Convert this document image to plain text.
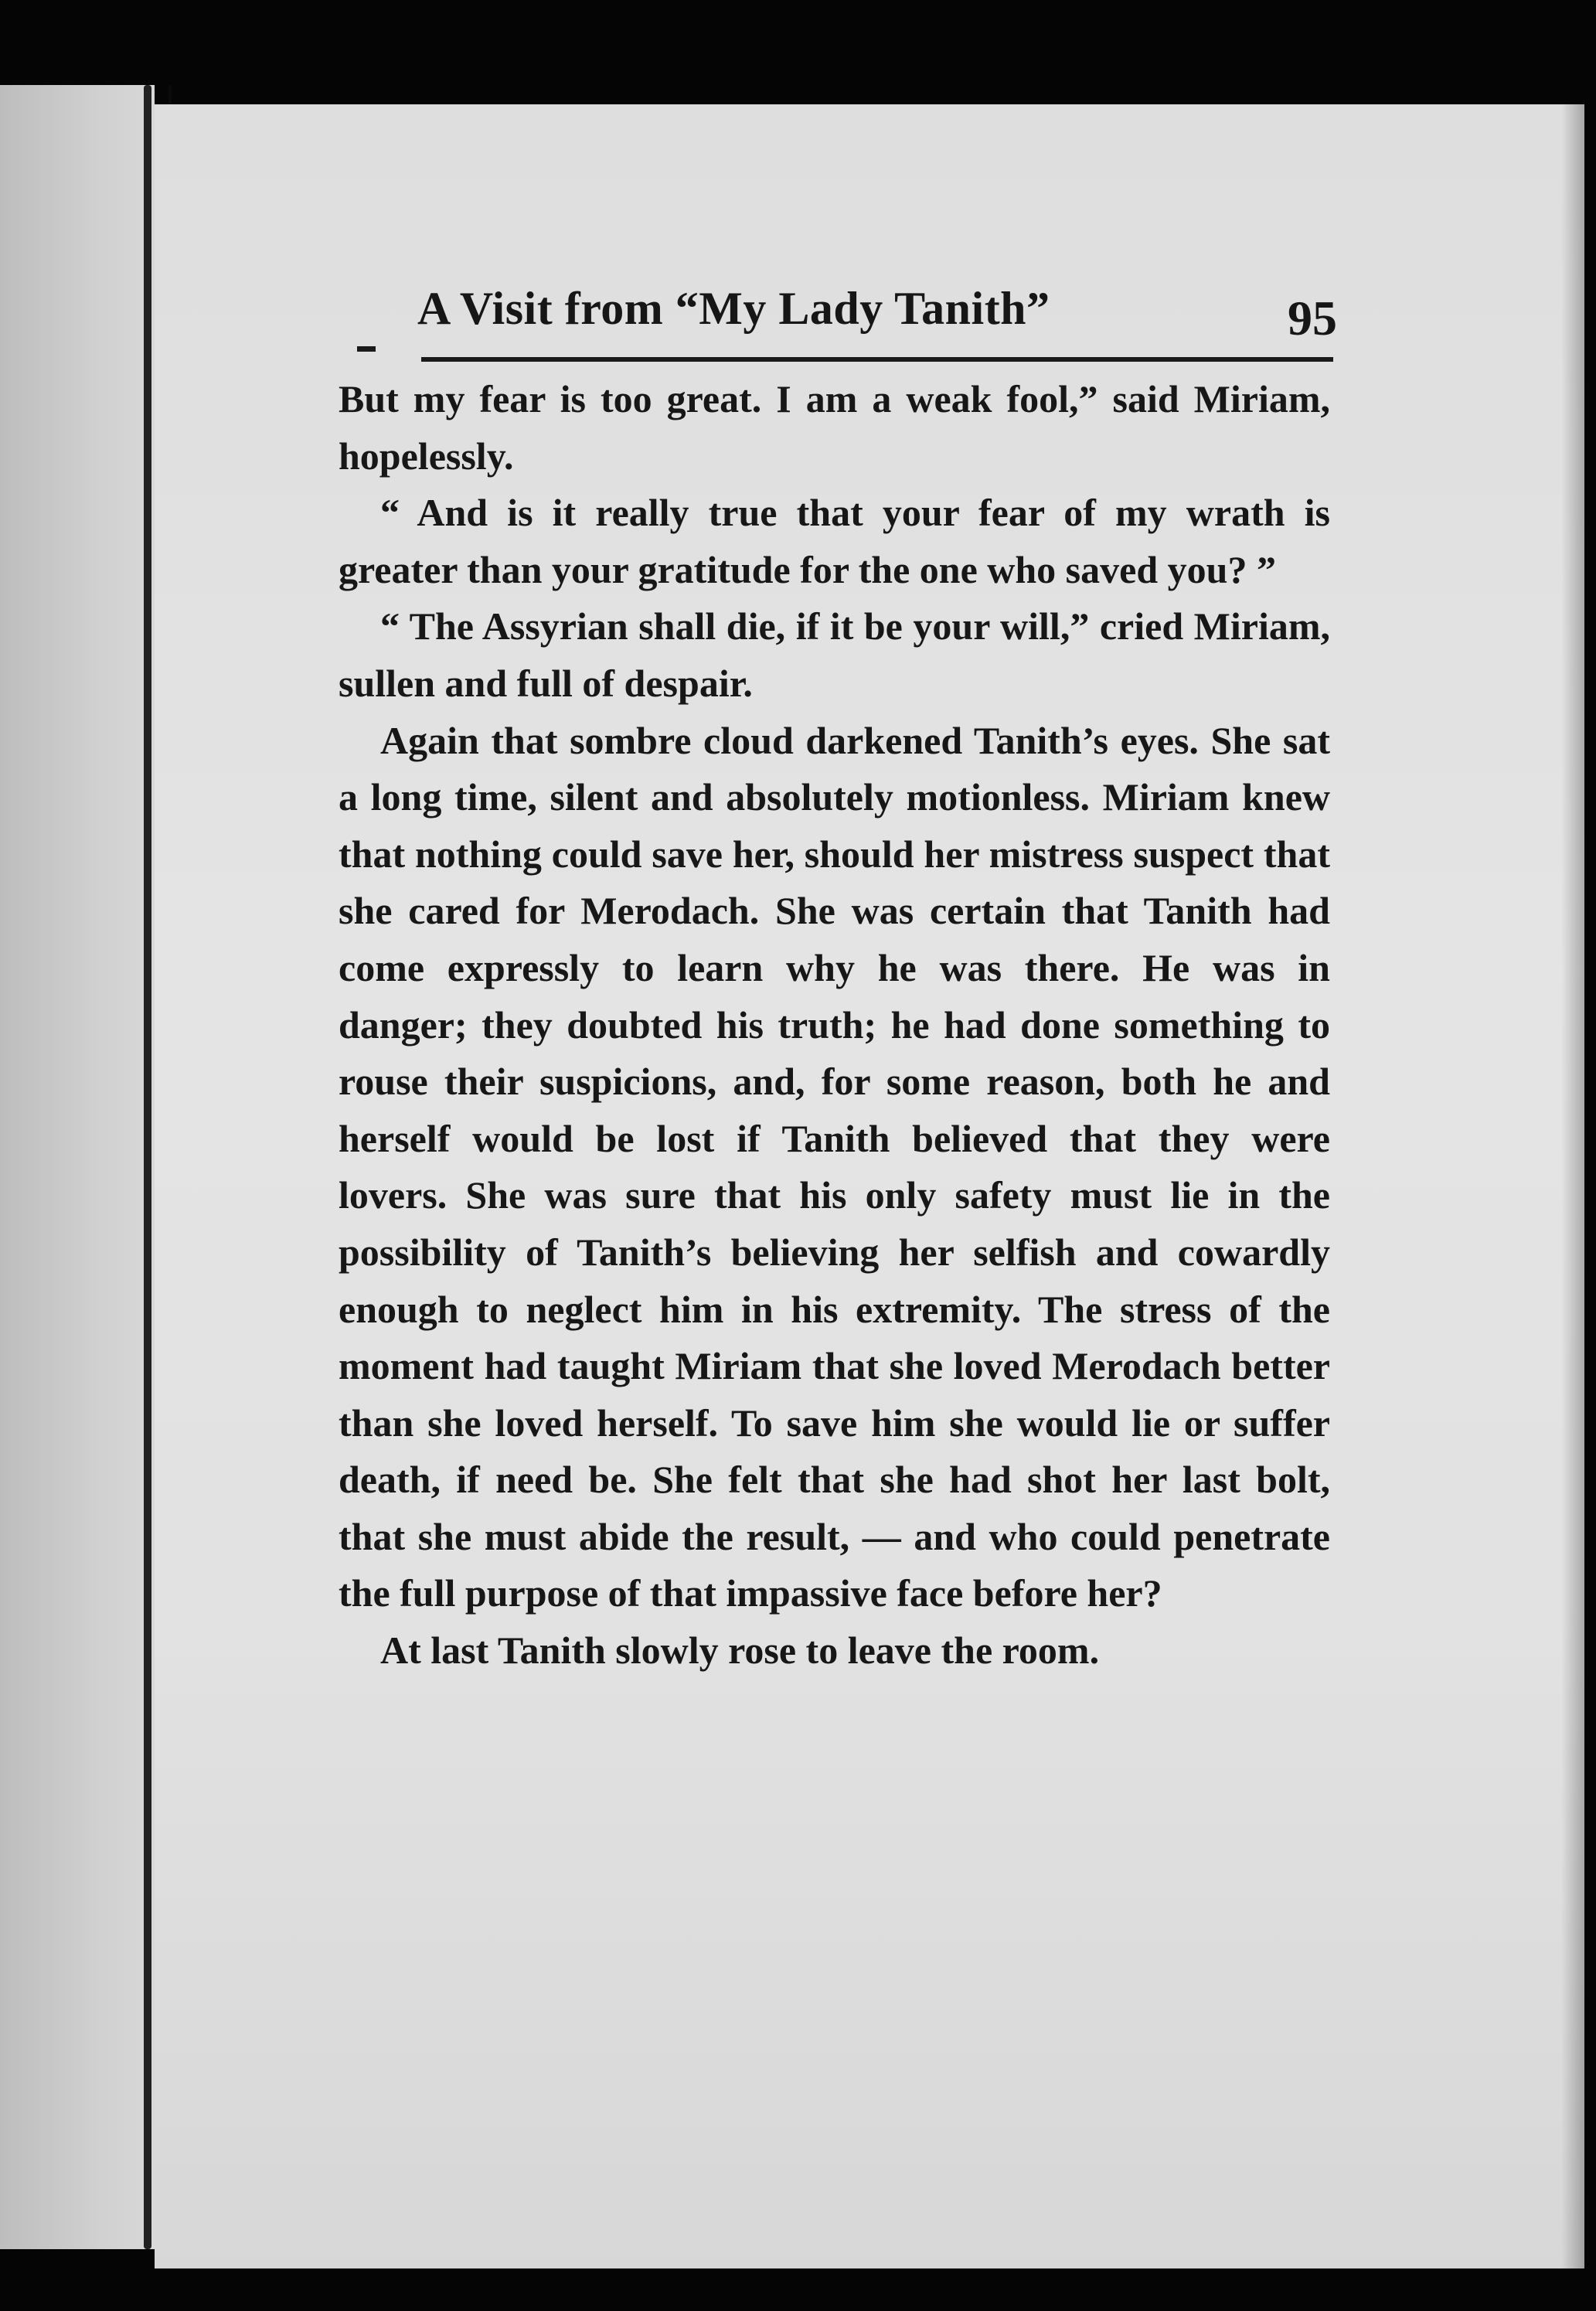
A Visit from “My Lady Tanith”	95

But my fear is too great. I am a weak fool,” said Miriam, hopelessly.

“ And is it really true that your fear of my wrath is greater than your gratitude for the one who saved you? ”

“ The Assyrian shall die, if it be your will,” cried Miriam, sullen and full of despair.

Again that sombre cloud darkened Tanith’s eyes. She sat a long time, silent and absolutely motionless. Miriam knew that nothing could save her, should her mistress suspect that she cared for Merodach. She was certain that Tanith had come expressly to learn why he was there. He was in danger; they doubted his truth; he had done something to rouse their suspicions, and, for some reason, both he and herself would be lost if Tanith believed that they were lovers. She was sure that his only safety must lie in the possibility of Tanith’s believing her selfish and cowardly enough to neglect him in his extremity. The stress of the moment had taught Miriam that she loved Merodach better than she loved herself. To save him she would lie or suffer death, if need be. She felt that she had shot her last bolt, that she must abide the result, — and who could penetrate the full purpose of that impassive face before her?

At last Tanith slowly rose to leave the room.
